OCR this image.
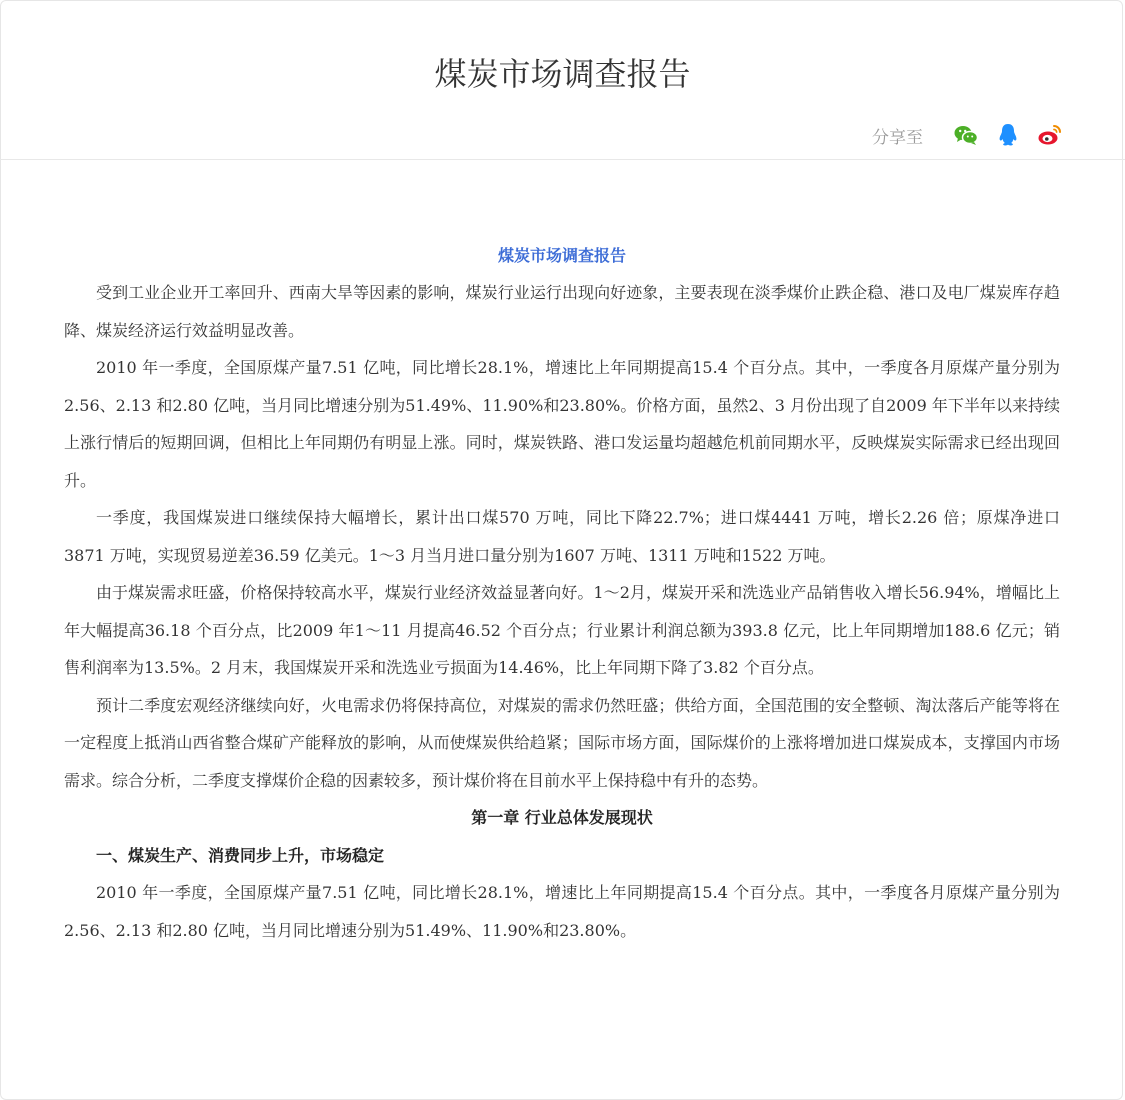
煤炭市场调查报告
分享至

煤炭市场调查报告

受到工业企业开工率回升、西南大旱等因素的影响，煤炭行业运行出现向好迹象，主要表现在淡季煤价止跌企稳、港口及电厂煤炭库存趋降、煤炭经济运行效益明显改善。

2010 年一季度，全国原煤产量7.51 亿吨，同比增长28.1%，增速比上年同期提高15.4 个百分点。其中，一季度各月原煤产量分别为2.56、2.13 和2.80 亿吨，当月同比增速分别为51.49%、11.90%和23.80%。价格方面，虽然2、3 月份出现了自2009 年下半年以来持续上涨行情后的短期回调，但相比上年同期仍有明显上涨。同时，煤炭铁路、港口发运量均超越危机前同期水平，反映煤炭实际需求已经出现回升。

一季度，我国煤炭进口继续保持大幅增长，累计出口煤570 万吨，同比下降22.7%；进口煤4441 万吨，增长2.26 倍；原煤净进口3871 万吨，实现贸易逆差36.59 亿美元。1～3 月当月进口量分别为1607 万吨、1311 万吨和1522 万吨。

由于煤炭需求旺盛，价格保持较高水平，煤炭行业经济效益显著向好。1～2月，煤炭开采和洗选业产品销售收入增长56.94%，增幅比上年大幅提高36.18 个百分点，比2009 年1～11 月提高46.52 个百分点；行业累计利润总额为393.8 亿元，比上年同期增加188.6 亿元；销售利润率为13.5%。2 月末，我国煤炭开采和洗选业亏损面为14.46%，比上年同期下降了3.82 个百分点。

预计二季度宏观经济继续向好，火电需求仍将保持高位，对煤炭的需求仍然旺盛；供给方面，全国范围的安全整顿、淘汰落后产能等将在一定程度上抵消山西省整合煤矿产能释放的影响，从而使煤炭供给趋紧；国际市场方面，国际煤价的上涨将增加进口煤炭成本，支撑国内市场需求。综合分析，二季度支撑煤价企稳的因素较多，预计煤价将在目前水平上保持稳中有升的态势。

第一章 行业总体发展现状

一、煤炭生产、消费同步上升，市场稳定

2010 年一季度，全国原煤产量7.51 亿吨，同比增长28.1%，增速比上年同期提高15.4 个百分点。其中，一季度各月原煤产量分别为2.56、2.13 和2.80 亿吨，当月同比增速分别为51.49%、11.90%和23.80%。
